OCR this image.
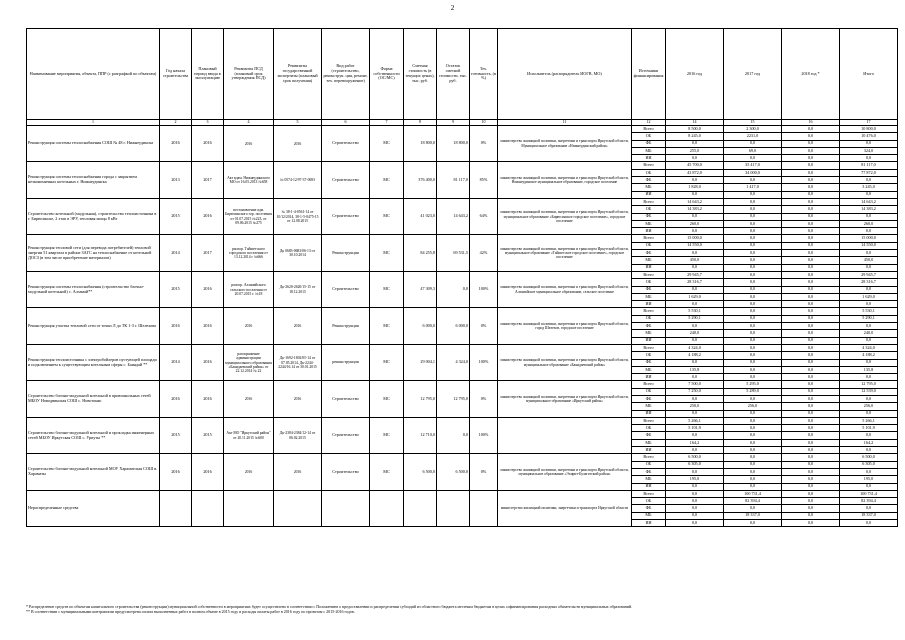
2
Наименование мероприятия, объекта, ППР (с разграфкой по объектам)	Год начала строительства	Плановый период ввода в эксплуатацию	Реквизиты ПСД (плановый срок утверждения ПСД)	Реквизиты государственной экспертизы (плановый срок получения)	Вид работ (строительство, реконструк. ция, ремонт, тех. перевооружение)	Форма собственности (ОС/МС)	Сметная стоимость (в текущих ценах), тыс. руб.	Остаток сметной стоимости, тыс. руб.	Тех. готовность, (в %)	Исполнитель (распорядитель ИОГВ, МО)	Источники финансирования	2016 год	2017 год	2018 год *	Итого
1	2	3	4	5	6	7	8	9	10	11	12	14	15	16	17
Реконструкция системы теплоснабжения СОШ № 48 г. Нижнеудинска	2016	2016	2016	2016	Строительство	МС	18 800,0	18 800,0	0%	министерство жилищной политики, энергетики и транспорта Иркутской области, Муниципальное образование «Нижнеудинский район»	Всего	8 500,0	2 300,0	0,0	10 800,0
											ОБ	8 245,0	2231,0	0,0	10 476,0
											ФБ	0,0	0,0	0,0	0,0
											МБ	255,0	69,0	0,0	324,0
											ИИ	0,0	0,0	0,0	0,0
Реконструкция системы теплоснабжения города с закрытием неэкономичных котельных г. Нижнеудинска	2013	2017	Акт вдам. Нижнеудинского МО от 16.05.2013 №658	№ 0574-12/97-37-0693	Строительство	МС	376 400,0	81 117,0	85%	министерство жилищной политики, энергетики и транспорта Иркутской области, Нижнеудинское муниципальное образование, городское поселение	Всего	45 700,0	35 417,0	0,0	81 117,0
											ОБ	43 872,0	34 000,0	0,0	77 872,0
											ФБ	0,0	0,0	0,0	0,0
											МБ	1 828,0	1 417,0	0,0	3 245,0
											ИИ	0,0	0,0	0,0	0,0
Строительство котельной (модульная), строительство теплоисточника в г. Бирюсинске, 2 этап в ЭРУ, тепловая мощн 8 кВт	2015	2016	постановление адм. Бирюсинского гор. поселения от 01.07.2015 №223, от 09.06.2015 №275	№ 38-1-4-0561-14 от 10/12/2014, 38-1-5-0475-15 от 12.08.2015	Строительство	МС	41 023,0	14 643,2	64%	министерство жилищной политики, энергетики и транспорта Иркутской области, муниципальное образование «Бирюсинское городское поселение», городское поселение	Всего	14 643,2	0,0	0,0	14 643,2
											ОБ	14 383,2	0,0	0,0	14 383,2
											ФБ	0,0	0,0	0,0	0,0
											МБ	260,0	0,0	0,0	260,0
											ИИ	0,0	0,0	0,0	0,0
Реконструкция тепловой сети (для перевода потребителей) тепловой энергии 51 квартала в районе ЗАГС на теплоснабжение от котельной ДОСЗ (в том числе приобретение материалов)	2014	2017	распор. Тайшетского городского поселения от 13.12.2014 г №666	Дк 0683-0683/06-13 от 30.10.2014	Реконструкция	МС	84 255,8	69 531,5	42%	министерство жилищной политики, энергетики и транспорта Иркутской области, муниципальное образование «Тайшетское городское поселение», городское поселение	Всего	15 000,0	0,0	0,0	15 000,0
											ОБ	14 550,0	0,0	0,0	14 550,0
											ФБ	0,0	0,0	0,0	0,0
											МБ	450,0	0,0	0,0	450,0
											ИИ	0,0	0,0	0,0	0,0
Реконструкция системы теплоснабжения (строительство блочно-модульной котельной) с. Алзамай**	2015	2016	распор. Алзамайского сельского поселения от 20.07.2015 г. №18	Дк-2620-2620/15-15 от 18.12.2015	Строительство	МС	47 309,3	0,0	100%	министерство жилищной политики, энергетики и транспорта Иркутской области, Алзамайское муниципальное образование, сельское поселение	Всего	29 945,7	0,0	0,0	29 945,7
											ОБ	28 316,7	0,0	0,0	28 316,7
											ФБ	0,0	0,0	0,0	0,0
											МБ	1 629,0	0,0	0,0	1 629,0
											ИИ	0,0	0,0	0,0	0,0
Реконструкция участка тепловой сети от точки Л до ТК 1-3 г. Шелехова	2016	2016	2016	2016	Реконструкция	МС	6 000,0	6 000,0	0%	министерство жилищной политики, энергетики и транспорта Иркутской области, город Шелехов, городское поселение	Всего	5 530,1	0,0	0,0	5 530,1
											ОБ	5 290,1	0,0	0,0	5 290,1
											ФБ	0,0	0,0	0,0	0,0
											МБ	240,0	0,0	0,0	240,0
											ИИ	0,0	0,0	0,0	0,0
Реконструкция теплоисточника с электробойлеров пустующей площади и подключением к существующим котельным сферы с. Баяндай **	2014	2016	распоряжение администрации муниципального образования «Баяндаевский район» от 22.12.2014 № 22	Дк-1692-1692/05-14 от 07.05.2014, Дк-2244-2244/16.14 от 30.01.2015	реконструкция	МС	29 004,1	4 324,0	100%	министерство жилищной политики, энергетики и транспорта Иркутской области, муниципальное образование «Баяндаевский район»	Всего	4 324,0	0,0	0,0	4 324,0
											ОБ	4 188,2	0,0	0,0	4 188,2
											ФБ	0,0	0,0	0,0	0,0
											МБ	135,8	0,0	0,0	135,8
											ИИ	0,0	0,0	0,0	0,0
Строительство блочно-модульной котельной в приюшкольных сетей МБОУ Новодвинская СОШ с. Новотонко	2016	2016	2016	2016	Строительство	МС	12 795,0	12 795,0	0%	министерство жилищной политики, энергетики и транспорта Иркутской области, муниципальное образование «Иркутский район»	Всего	7 500,0	5 295,0	0,0	12 795,0
											ОБ	7 250,0	5 289,0	0,0	12 539,0
											ФБ	0,0	0,0	0,0	0,0
											МБ	250,0	256,0	0,0	256,0
											ИИ	0,0	0,0	0,0	0,0
Строительство блочно-модульной котельной и прокладка инженерных сетей МБОУ Иркутская СОШ с. Уриуты **	2015	2015	Акт МО "Иркутский район" от 20.11.2015 №600	Дк-2384-2384/12-14 от 06.02.2015	Строительство	МС	12 710,0	0,0	100%		Всего	5 266,1	0,0	0,0	5 266,1
											ОБ	5 101,9	0,0	0,0	5 101,9
											ФБ	0,0	0,0	0,0	0,0
											МБ	164,2	0,0	0,0	164,2
											ИИ	0,0	0,0	0,0	0,0
Строительство блочно-модульной котельной МОУ Хараматская СОШ в. Хараматы	2016	2016	2016	2016	Строительство	МС	6 500,0	6 500,0	0%	министерство жилищной политики, энергетики и транспорта Иркутской области, муниципальное образование «Эхирит-Булагатский район»	Всего	6 500,0	0,0	0,0	6 500,0
											ОБ	6 305,0	0,0	0,0	6 305,0
											ФБ	0,0	0,0	0,0	0,0
											МБ	195,0	0,0	0,0	195,0
											ИИ	0,0	0,0	0,0	0,0
Нераспределенные средства										министерство жилищной политики, энергетики и транспорта Иркутской области	Всего	0,0	100 731,4	0,0	100 731,4
											ОБ	0,0	82 394,4	0,0	82 394,4
											ФБ	0,0	0,0	0,0	0,0
											МБ	0,0	18 337,0	0,0	18 337,0
											ИИ	0,0	0,0	0,0	0,0
* Распределение средств по объектам капитального строительства (реконструкции) муниципальной собственности в мероприятиях будет осуществлено в соответствии с Положением о предоставлении и распределении субсидий из областного бюджета местным бюджетам в целях софинансирования расходных обязательств муниципальных образований.
** В соответствии с муниципальными контрактами предусмотрена оплата выполненных работ в полном объеме в 2015 году и расходы оплаты работ в 2016 году по проектам с 2015-2016 годов.
